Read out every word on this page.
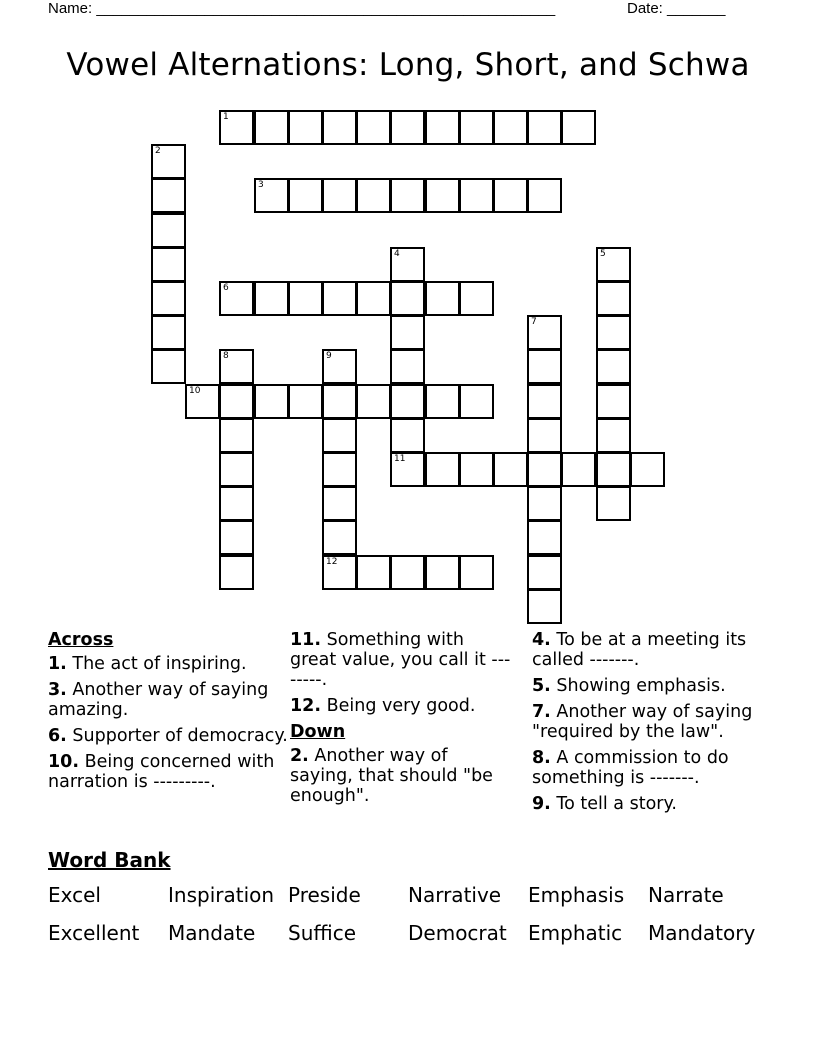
Name: _______________________________________________________	Date: _______
Vowel Alternations: Long, Short, and Schwa
1
2
3
4
11
5
6
7
8	9
12
10
Across
1. The act of inspiring.
3. Another way of saying amazing.
6. Supporter of democracy.
10. Being concerned with narration is ---------.
11. Something with great value, you call it --------.
12. Being very good.
Down
2. Another way of saying, that should "be enough".
4. To be at a meeting its called -------.
5. Showing emphasis.
7. Another way of saying "required by the law".
8. A commission to do something is -------.
9. To tell a story.
Word Bank
Excel	Inspiration Preside Narrative Emphasis Narrate
Excellent Mandate Suffice	Democrat Emphatic Mandatory
